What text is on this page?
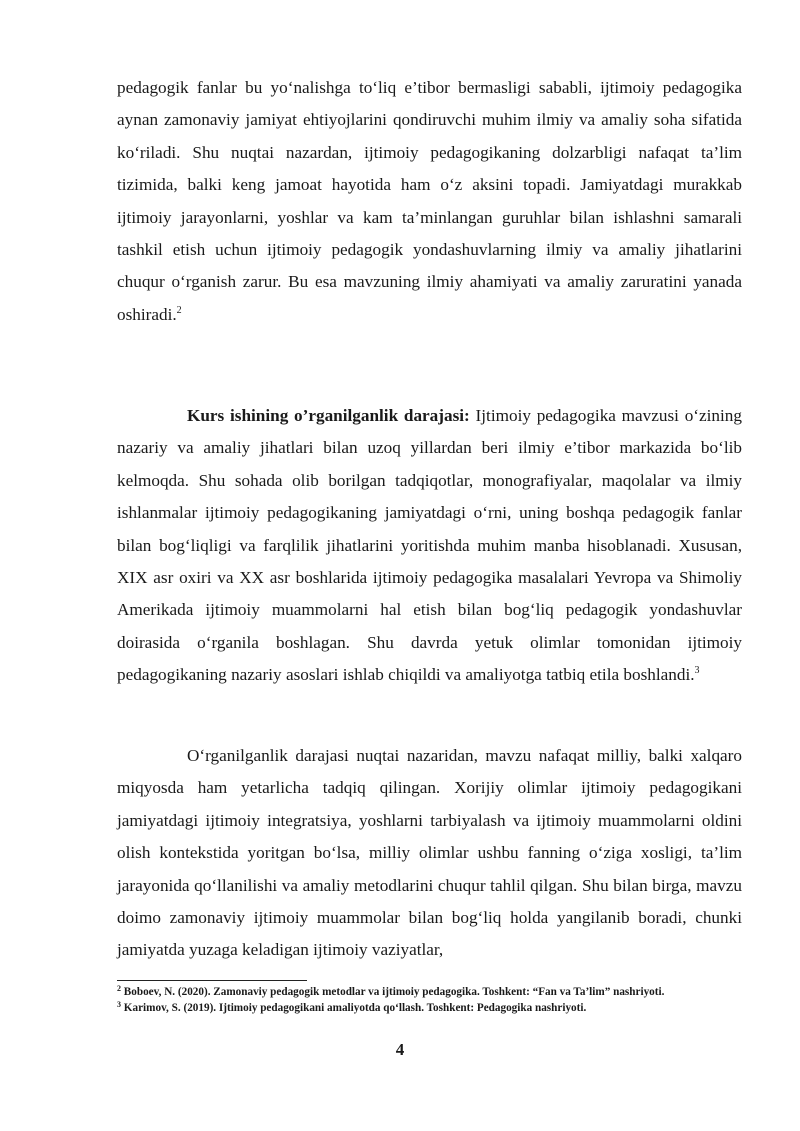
pedagogik fanlar bu yo‘nalishga to‘liq e’tibor bermasligi sababli, ijtimoiy pedagogika aynan zamonaviy jamiyat ehtiyojlarini qondiruvchi muhim ilmiy va amaliy soha sifatida ko‘riladi. Shu nuqtai nazardan, ijtimoiy pedagogikaning dolzarbligi nafaqat ta’lim tizimida, balki keng jamoat hayotida ham o‘z aksini topadi. Jamiyatdagi murakkab ijtimoiy jarayonlarni, yoshlar va kam ta’minlangan guruhlar bilan ishlashni samarali tashkil etish uchun ijtimoiy pedagogik yondashuvlarning ilmiy va amaliy jihatlarini chuqur o‘rganish zarur. Bu esa mavzuning ilmiy ahamiyati va amaliy zaruratini yanada oshiradi.$^2$

Kurs ishining o’rganilganlik darajasi: Ijtimoiy pedagogika mavzusi o‘zining nazariy va amaliy jihatlari bilan uzoq yillardan beri ilmiy e’tibor markazida bo‘lib kelmoqda. Shu sohada olib borilgan tadqiqotlar, monografiyalar, maqolalar va ilmiy ishlanmalar ijtimoiy pedagogikaning jamiyatdagi o‘rni, uning boshqa pedagogik fanlar bilan bog‘liqligi va farqlilik jihatlarini yoritishda muhim manba hisoblanadi. Xususan, XIX asr oxiri va XX asr boshlarida ijtimoiy pedagogika masalalari Yevropa va Shimoliy Amerikada ijtimoiy muammolarni hal etish bilan bog‘liq pedagogik yondashuvlar doirasida o‘rganila boshlagan. Shu davrda yetuk olimlar tomonidan ijtimoiy pedagogikaning nazariy asoslari ishlab chiqildi va amaliyotga tatbiq etila boshlandi.$^3$

O‘rganilganlik darajasi nuqtai nazaridan, mavzu nafaqat milliy, balki xalqaro miqyosda ham yetarlicha tadqiq qilingan. Xorijiy olimlar ijtimoiy pedagogikani jamiyatdagi ijtimoiy integratsiya, yoshlarni tarbiyalash va ijtimoiy muammolarni oldini olish kontekstida yoritgan bo‘lsa, milliy olimlar ushbu fanning o‘ziga xosligi, ta’lim jarayonida qo‘llanilishi va amaliy metodlarini chuqur tahlil qilgan. Shu bilan birga, mavzu doimo zamonaviy ijtimoiy muammolar bilan bog‘liq holda yangilanib boradi, chunki jamiyatda yuzaga keladigan ijtimoiy vaziyatlar,

$^2$ Boboev, N. (2020). Zamonaviy pedagogik metodlar va ijtimoiy pedagogika. Toshkent: “Fan va Ta’lim” nashriyoti.

$^3$ Karimov, S. (2019). Ijtimoiy pedagogikani amaliyotda qo‘llash. Toshkent: Pedagogika nashriyoti.

4
